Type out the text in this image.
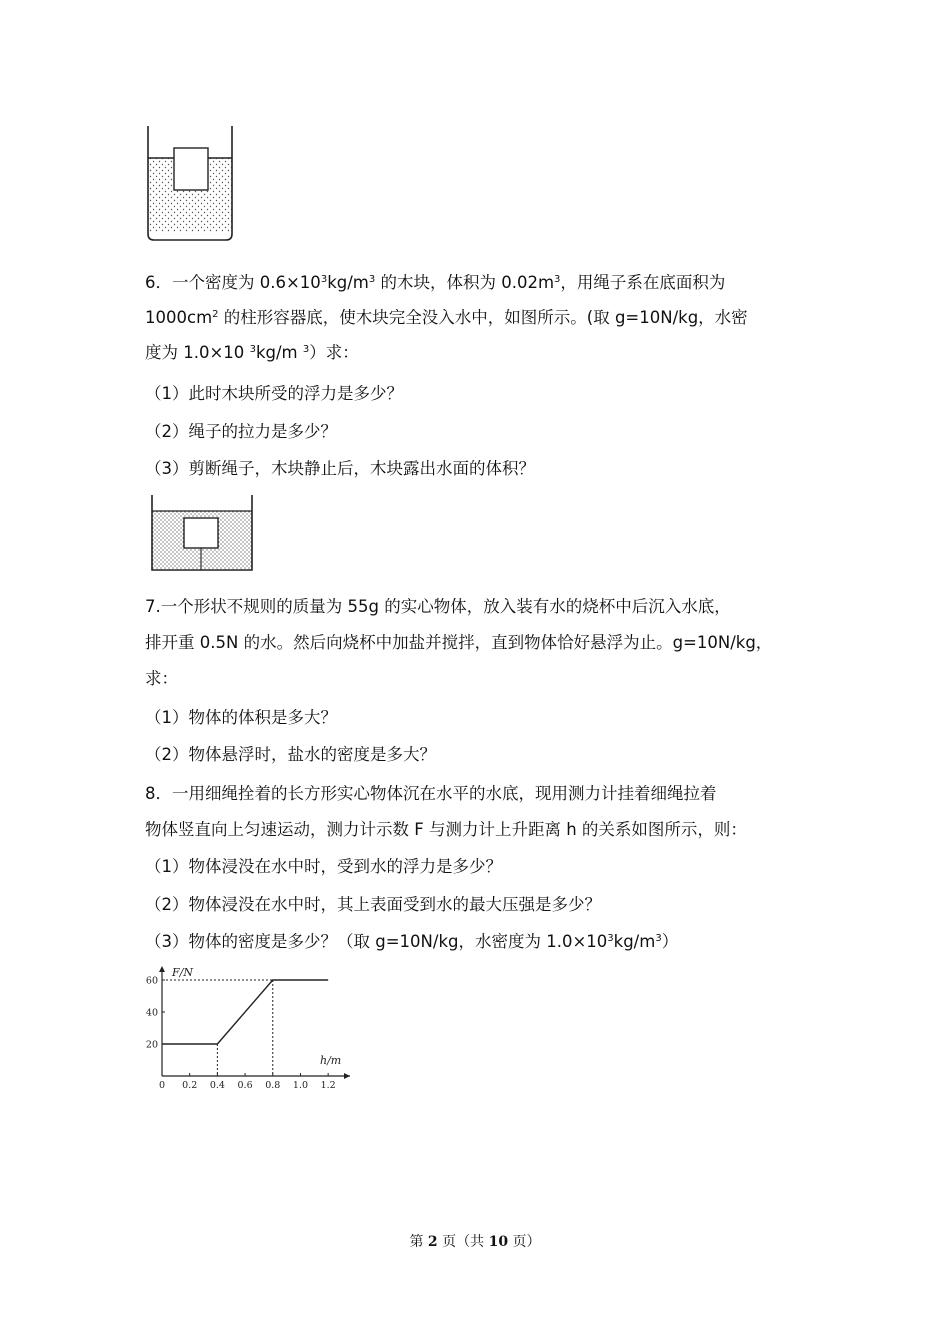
6．一个密度为 $0.6\times 10^3kg/m^3$ 的木块，体积为 $0.02m^3$，用绳子系在底面积为
$1000cm^2$ 的柱形容器底，使木块完全没入水中，如图所示。(取 g=10N/kg，水密
度为 1.0×10 $^3$kg/m $^3$）求：
（1）此时木块所受的浮力是多少？
（2）绳子的拉力是多少？
（3）剪断绳子，木块静止后，木块露出水面的体积？
7.一个形状不规则的质量为 55g 的实心物体，放入装有水的烧杯中后沉入水底，
排开重 0.5N 的水。然后向烧杯中加盐并搅拌，直到物体恰好悬浮为止。g=10N/kg，
求：
（1）物体的体积是多大？
（2）物体悬浮时，盐水的密度是多大？
8．一用细绳拴着的长方形实心物体沉在水平的水底，现用测力计挂着细绳拉着
物体竖直向上匀速运动，测力计示数 F 与测力计上升距离 h 的关系如图所示，则：
（1）物体浸没在水中时，受到水的浮力是多少？
（2）物体浸没在水中时，其上表面受到水的最大压强是多少？
（3）物体的密度是多少？（取 g=10N/kg，水密度为 $1.0\times 10^3kg/m^3$）
F/N
h/m
0 0.2 0.4 0.6 0.8 1.0 1.2
20
40
60
第 2 页（共 10 页）
